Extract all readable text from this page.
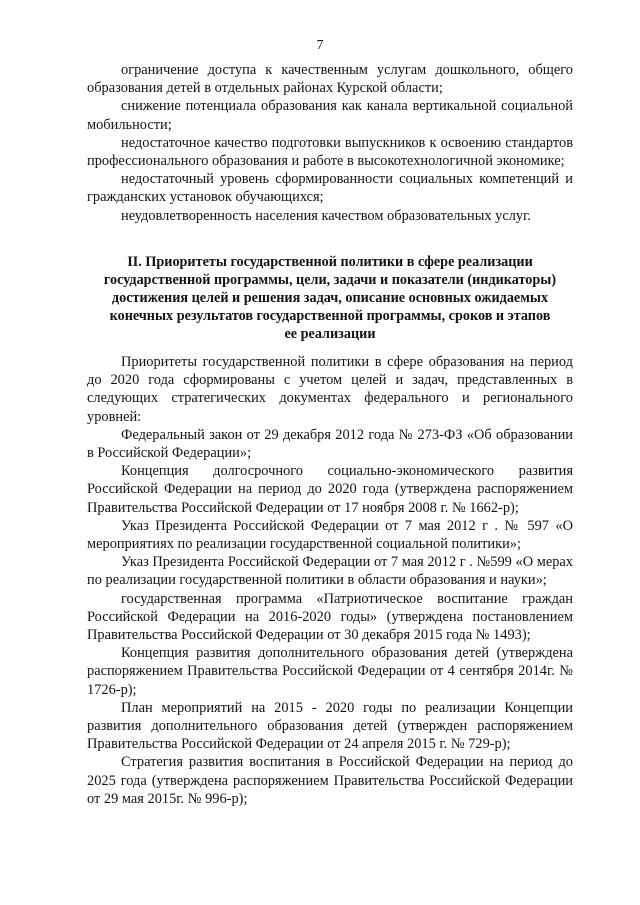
7

ограничение доступа к качественным услугам дошкольного, общего образования детей в отдельных районах Курской области;

снижение потенциала образования как канала вертикальной социальной мобильности;

недостаточное качество подготовки выпускников к освоению стандартов профессионального образования и работе в высокотехнологичной экономике;

недостаточный уровень сформированности социальных компетенций и гражданских установок обучающихся;

неудовлетворенность населения качеством образовательных услуг.

II. Приоритеты государственной политики в сфере реализации
государственной программы, цели, задачи и показатели (индикаторы)
достижения целей и решения задач, описание основных ожидаемых
конечных результатов государственной программы, сроков и этапов
ее реализации

Приоритеты государственной политики в сфере образования на период до 2020 года сформированы с учетом целей и задач, представленных в следующих стратегических документах федерального и регионального уровней:

Федеральный закон от 29 декабря 2012 года № 273-ФЗ «Об образовании в Российской Федерации»;

Концепция долгосрочного социально-экономического развития Российской Федерации на период до 2020 года (утверждена распоряжением Правительства Российской Федерации от 17 ноября 2008 г. № 1662-р);

Указ Президента Российской Федерации от 7 мая 2012 г . № 597 «О мероприятиях по реализации государственной социальной политики»;

Указ Президента Российской Федерации от 7 мая 2012 г . №599 «О мерах по реализации государственной политики в области образования и науки»;

государственная программа «Патриотическое воспитание граждан Российской Федерации на 2016-2020 годы» (утверждена постановлением Правительства Российской Федерации от 30 декабря 2015 года № 1493);

Концепция развития дополнительного образования детей (утверждена распоряжением Правительства Российской Федерации от 4 сентября 2014г. № 1726-р);

План мероприятий на 2015 - 2020 годы по реализации Концепции развития дополнительного образования детей (утвержден распоряжением Правительства Российской Федерации от 24 апреля 2015 г. № 729-р);

Стратегия развития воспитания в Российской Федерации на период до 2025 года (утверждена распоряжением Правительства Российской Федерации от 29 мая 2015г. № 996-р);
